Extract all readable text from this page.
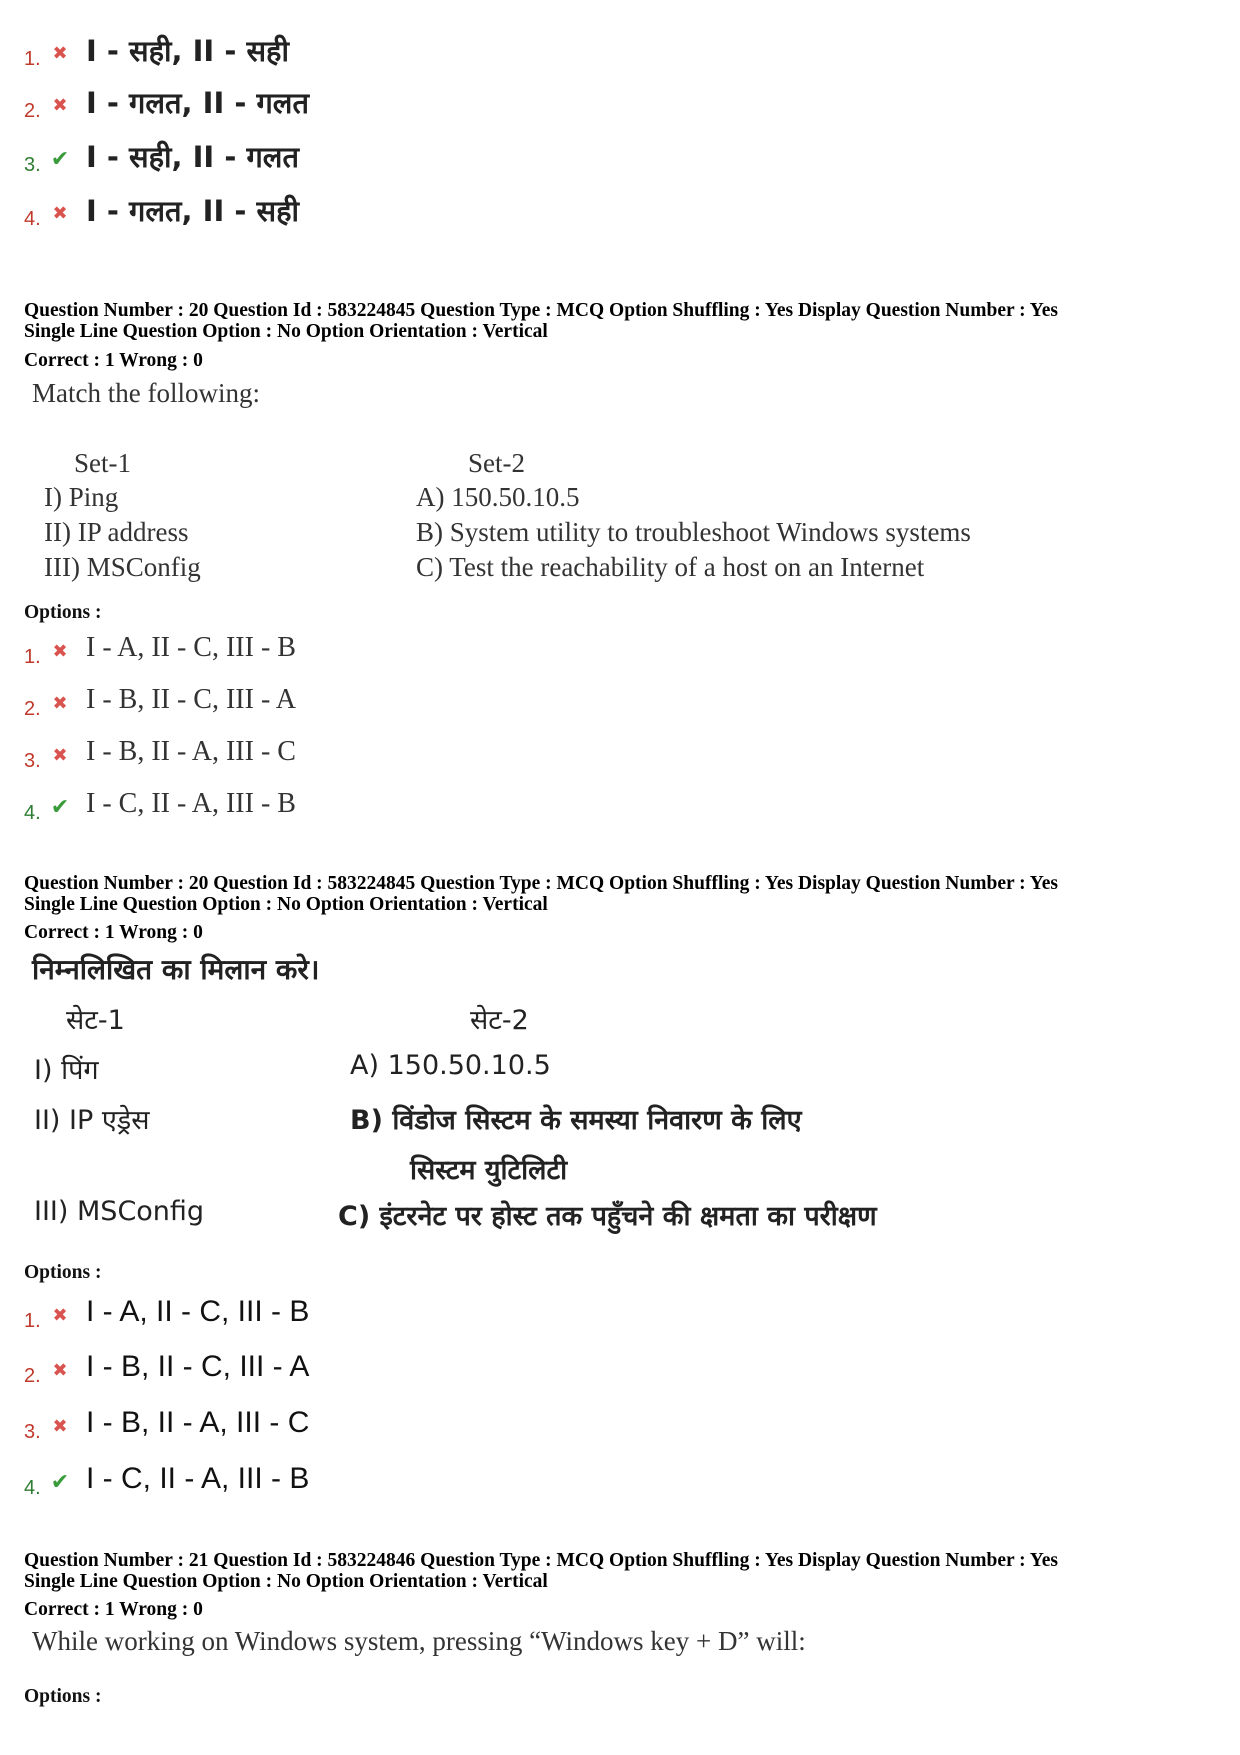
1. ✖ I - सही, II - सही
2. ✖ I - गलत, II - गलत
3. ✔ I - सही, II - गलत
4. ✖ I - गलत, II - सही
Question Number : 20 Question Id : 583224845 Question Type : MCQ Option Shuffling : Yes Display Question Number : Yes
Single Line Question Option : No Option Orientation : Vertical
Correct : 1 Wrong : 0
Match the following:
Set-1	Set-2
I) Ping
II) IP address
III) MSConfig
A) 150.50.10.5
B) System utility to troubleshoot Windows systems
C) Test the reachability of a host on an Internet
Options :
1. ✖ I - A, II - C, III - B
2. ✖ I - B, II - C, III - A
3. ✖ I - B, II - A, III - C
4. ✔ I - C, II - A, III - B
Question Number : 20 Question Id : 583224845 Question Type : MCQ Option Shuffling : Yes Display Question Number : Yes
Single Line Question Option : No Option Orientation : Vertical
Correct : 1 Wrong : 0
निम्नलिखित का मिलान करे।
सेट-1	सेट-2
I) पिंग
II) IP एड्रेस
III) MSConfig
A) 150.50.10.5
B) विंडोज सिस्टम के समस्या निवारण के लिए
सिस्टम युटिलिटी
C) इंटरनेट पर होस्ट तक पहुँचने की क्षमता का परीक्षण
Options :
1. ✖ I - A, II - C, III - B
2. ✖ I - B, II - C, III - A
3. ✖ I - B, II - A, III - C
4. ✔ I - C, II - A, III - B
Question Number : 21 Question Id : 583224846 Question Type : MCQ Option Shuffling : Yes Display Question Number : Yes
Single Line Question Option : No Option Orientation : Vertical
Correct : 1 Wrong : 0
While working on Windows system, pressing “Windows key + D” will:
Options :
